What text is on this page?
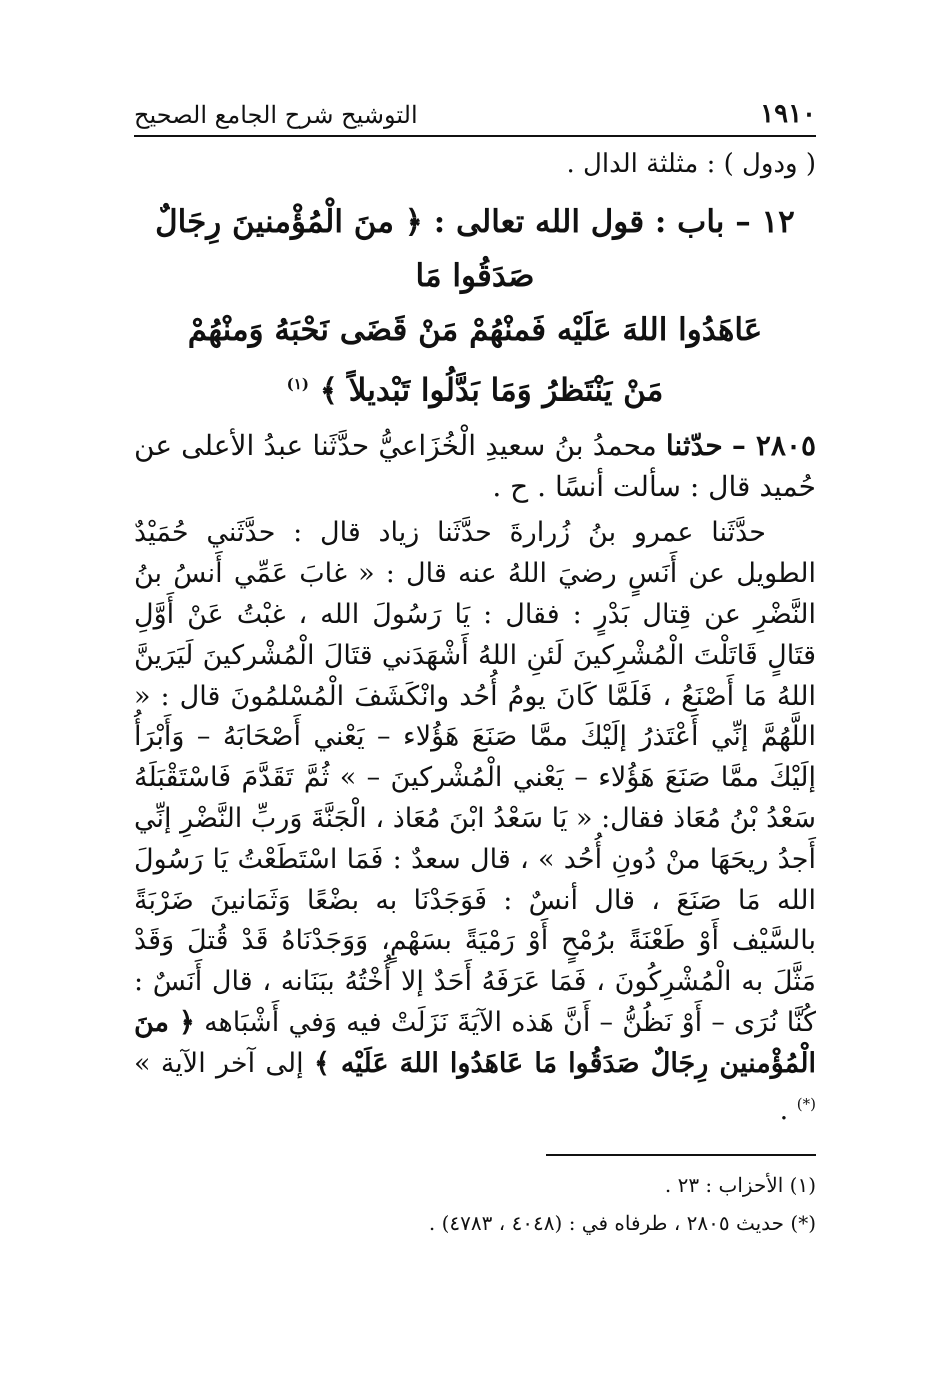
١٩١٠
التوشيح شرح الجامع الصحيح
( ودول ) : مثلثة الدال .
١٢ – باب : قول الله تعالى : ﴿ منَ الْمُؤْمنينَ رِجَالٌ صَدَقُوا مَا
عَاهَدُوا اللهَ عَلَيْه فَمنْهُمْ مَنْ قَضَى نَحْبَهُ وَمنْهُمْ
مَنْ يَنْتَظرُ وَمَا بَدَّلُوا تَبْديلاً ﴾ $^{(١)}$
٢٨٠٥ – حدّثنا محمدُ بنُ سعيدِ الْخُزَاعيُّ حدَّثَنا عبدُ الأعلى عن حُميد قال : سألت أنسًا . ح .
حدَّثَنا عمرو بنُ زُرارةَ حدَّثَنا زياد قال : حدَّثَني حُمَيْدٌ الطويل عن أَنَسٍ رضيَ اللهُ عنه قال : « غابَ عَمِّي أَنسُ بنُ النَّضْرِ عن قِتال بَدْرٍ : فقال : يَا رَسُولَ الله ، غبْتُ عَنْ أَوَّلِ قتَالٍ قَاتَلْتَ الْمُشْرِكينَ لَئنِ اللهُ أَشْهَدَني قتَالَ الْمُشْركينَ لَيَرَينَّ اللهُ مَا أَصْنَعُ ، فَلَمَّا كَانَ يومُ أُحُد وانْكَشَفَ الْمُسْلمُونَ قال : « اللَّهُمَّ إنِّي أَعْتَذرُ إلَيْكَ ممَّا صَنَعَ هَؤُلاء – يَعْني أَصْحَابَهُ – وَأَبْرَأُ إلَيْكَ ممَّا صَنَعَ هَؤُلاء – يَعْني الْمُشْركينَ – » ثُمَّ تَقَدَّمَ فَاسْتَقْبَلَهُ سَعْدُ بْنُ مُعَاذ فقال: « يَا سَعْدُ ابْنَ مُعَاذ ، الْجَنَّةَ وَربِّ النَّضْرِ إنِّي أَجدُ ريحَهَا منْ دُونِ أُحُد » ، قال سعدٌ : فَمَا اسْتَطَعْتُ يَا رَسُولَ الله مَا صَنَعَ ، قال أنسٌ : فَوَجَدْنَا به بضْعًا وَثَمَانينَ ضَرْبَةً بالسَّيْف أَوْ طَعْنَةً برُمْحٍ أَوْ رَمْيَةً بسَهْمٍ، وَوَجَدْنَاهُ قَدْ قُتلَ وَقَدْ مَثَّلَ به الْمُشْرِكُونَ ، فَمَا عَرَفَهُ أَحَدٌ إلا أُخْتُهُ ببَنَانه ، قال أَنَسٌ : كُنَّا نُرَى – أَوْ نَظُنُّ – أَنَّ هَذه الآيَةَ نَزَلَتْ فيه وَفي أَشْبَاهه ﴿ منَ الْمُؤْمنين رِجَالٌ صَدَقُوا مَا عَاهَدُوا اللهَ عَلَيْه ﴾ إلى آخر الآية » (*) .
(١) الأحزاب : ٢٣ .
(*) حديث ٢٨٠٥ ، طرفاه في : (٤٠٤٨ ، ٤٧٨٣) .
